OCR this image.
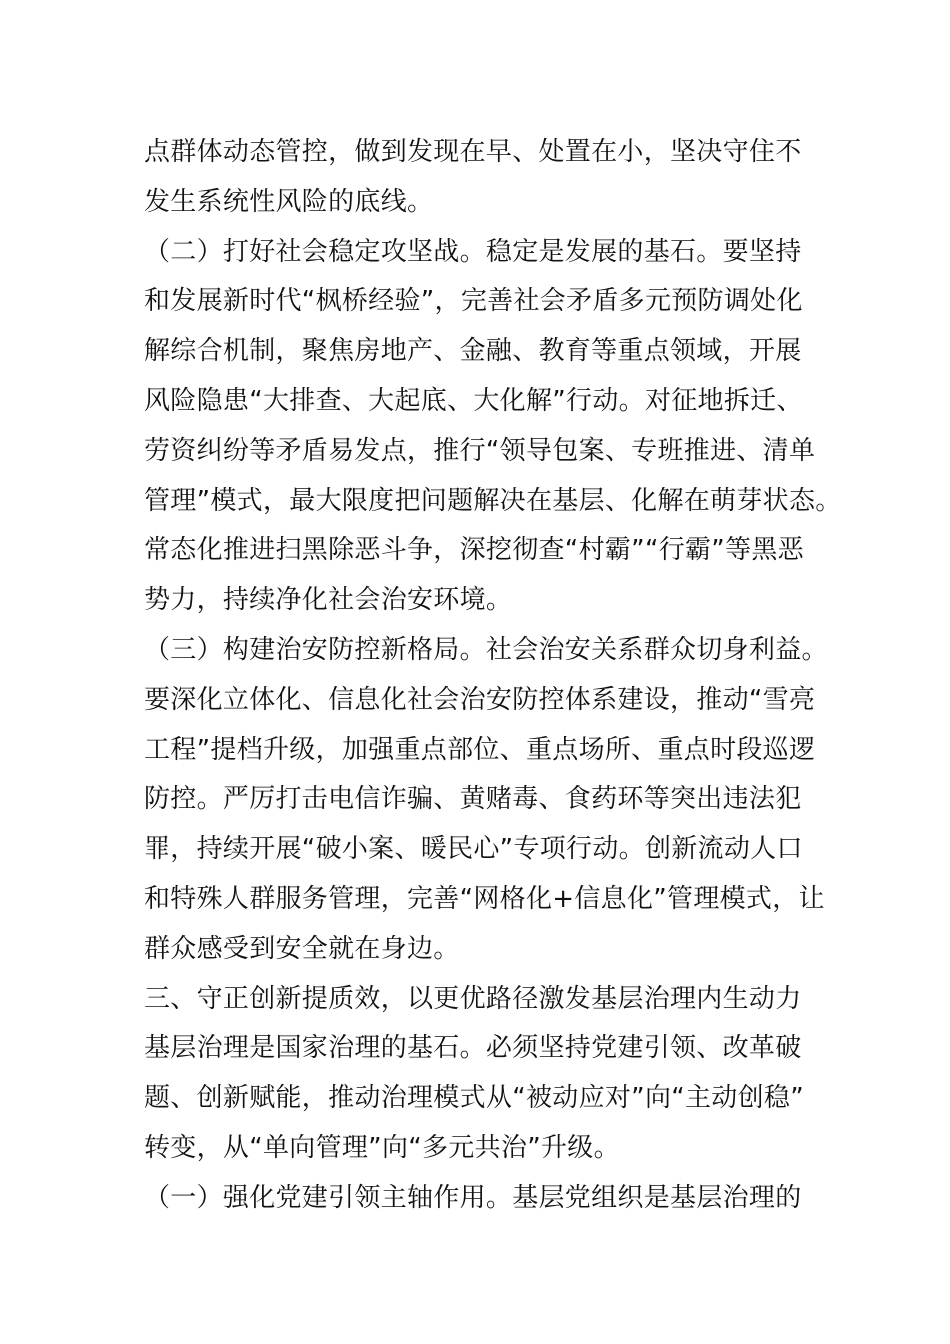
点群体动态管控，做到发现在早、处置在小，坚决守住不
发生系统性风险的底线。
（二）打好社会稳定攻坚战。稳定是发展的基石。要坚持
和发展新时代“枫桥经验”，完善社会矛盾多元预防调处化
解综合机制，聚焦房地产、金融、教育等重点领域，开展
风险隐患“大排查、大起底、大化解”行动。对征地拆迁、
劳资纠纷等矛盾易发点，推行“领导包案、专班推进、清单
管理”模式，最大限度把问题解决在基层、化解在萌芽状态。
常态化推进扫黑除恶斗争，深挖彻查“村霸”“行霸”等黑恶
势力，持续净化社会治安环境。
（三）构建治安防控新格局。社会治安关系群众切身利益。
要深化立体化、信息化社会治安防控体系建设，推动“雪亮
工程”提档升级，加强重点部位、重点场所、重点时段巡逻
防控。严厉打击电信诈骗、黄赌毒、食药环等突出违法犯
罪，持续开展“破小案、暖民心”专项行动。创新流动人口
和特殊人群服务管理，完善“网格化+信息化”管理模式，让
群众感受到安全就在身边。
三、守正创新提质效，以更优路径激发基层治理内生动力
基层治理是国家治理的基石。必须坚持党建引领、改革破
题、创新赋能，推动治理模式从“被动应对”向“主动创稳”
转变，从“单向管理”向“多元共治”升级。
（一）强化党建引领主轴作用。基层党组织是基层治理的
